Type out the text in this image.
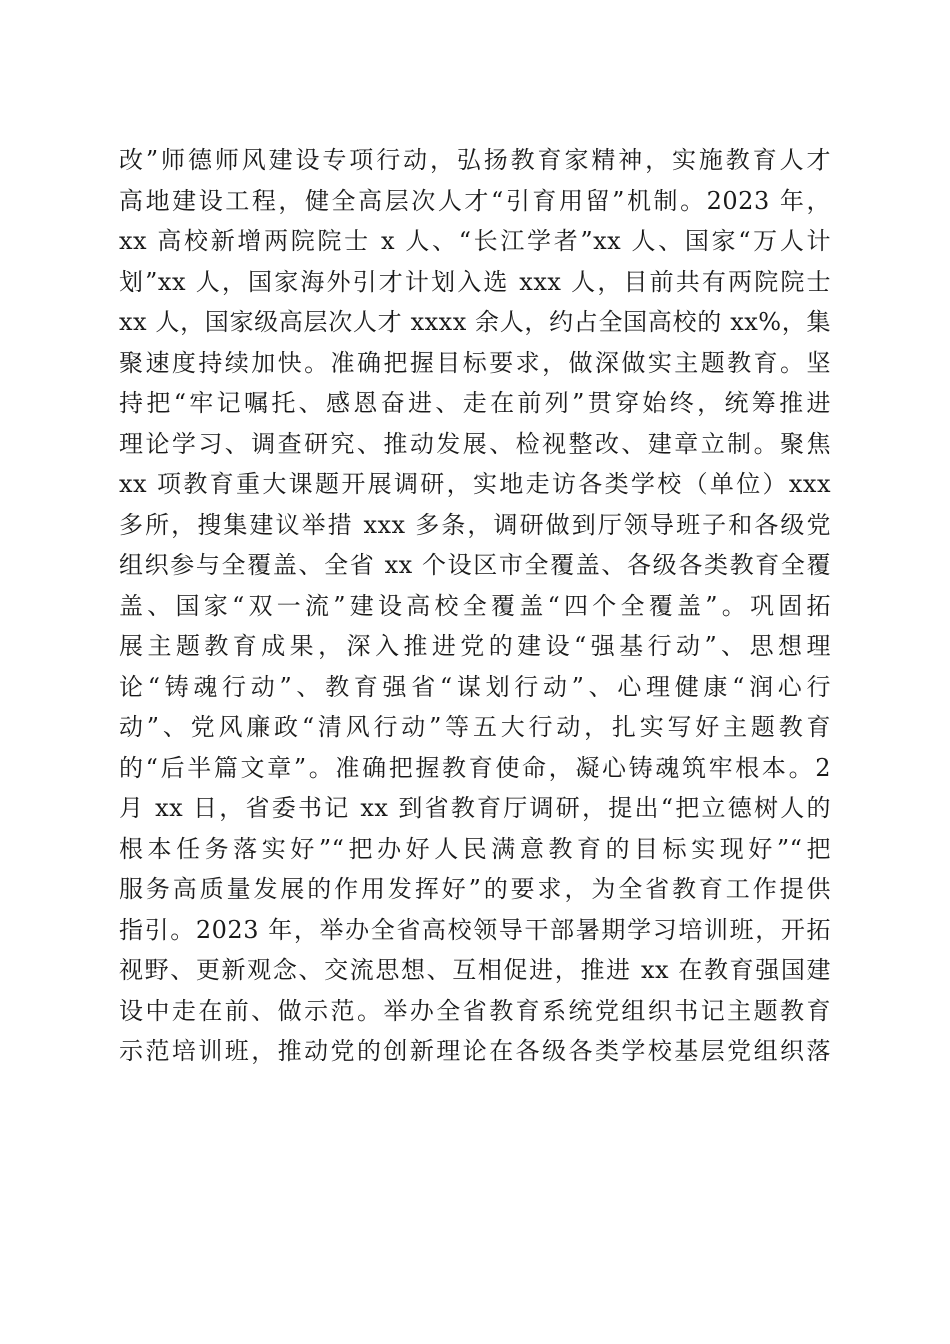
改”师德师风建设专项行动，弘扬教育家精神，实施教育人才
高地建设工程，健全高层次人才“引育用留”机制。2023 年，
xx 高校新增两院院士 x 人、“长江学者”xx 人、国家“万人计
划”xx 人，国家海外引才计划入选 xxx 人，目前共有两院院士
xx 人，国家级高层次人才 xxxx 余人，约占全国高校的 xx%，集
聚速度持续加快。准确把握目标要求，做深做实主题教育。坚
持把“牢记嘱托、感恩奋进、走在前列”贯穿始终，统筹推进
理论学习、调查研究、推动发展、检视整改、建章立制。聚焦
xx 项教育重大课题开展调研，实地走访各类学校（单位）xxx
多所，搜集建议举措 xxx 多条，调研做到厅领导班子和各级党
组织参与全覆盖、全省 xx 个设区市全覆盖、各级各类教育全覆
盖、国家“双一流”建设高校全覆盖“四个全覆盖”。巩固拓
展主题教育成果，深入推进党的建设“强基行动”、思想理
论“铸魂行动”、教育强省“谋划行动”、心理健康“润心行
动”、党风廉政“清风行动”等五大行动，扎实写好主题教育
的“后半篇文章”。准确把握教育使命，凝心铸魂筑牢根本。2
月 xx 日，省委书记 xx 到省教育厅调研，提出“把立德树人的
根本任务落实好”“把办好人民满意教育的目标实现好”“把
服务高质量发展的作用发挥好”的要求，为全省教育工作提供
指引。2023 年，举办全省高校领导干部暑期学习培训班，开拓
视野、更新观念、交流思想、互相促进，推进 xx 在教育强国建
设中走在前、做示范。举办全省教育系统党组织书记主题教育
示范培训班，推动党的创新理论在各级各类学校基层党组织落
